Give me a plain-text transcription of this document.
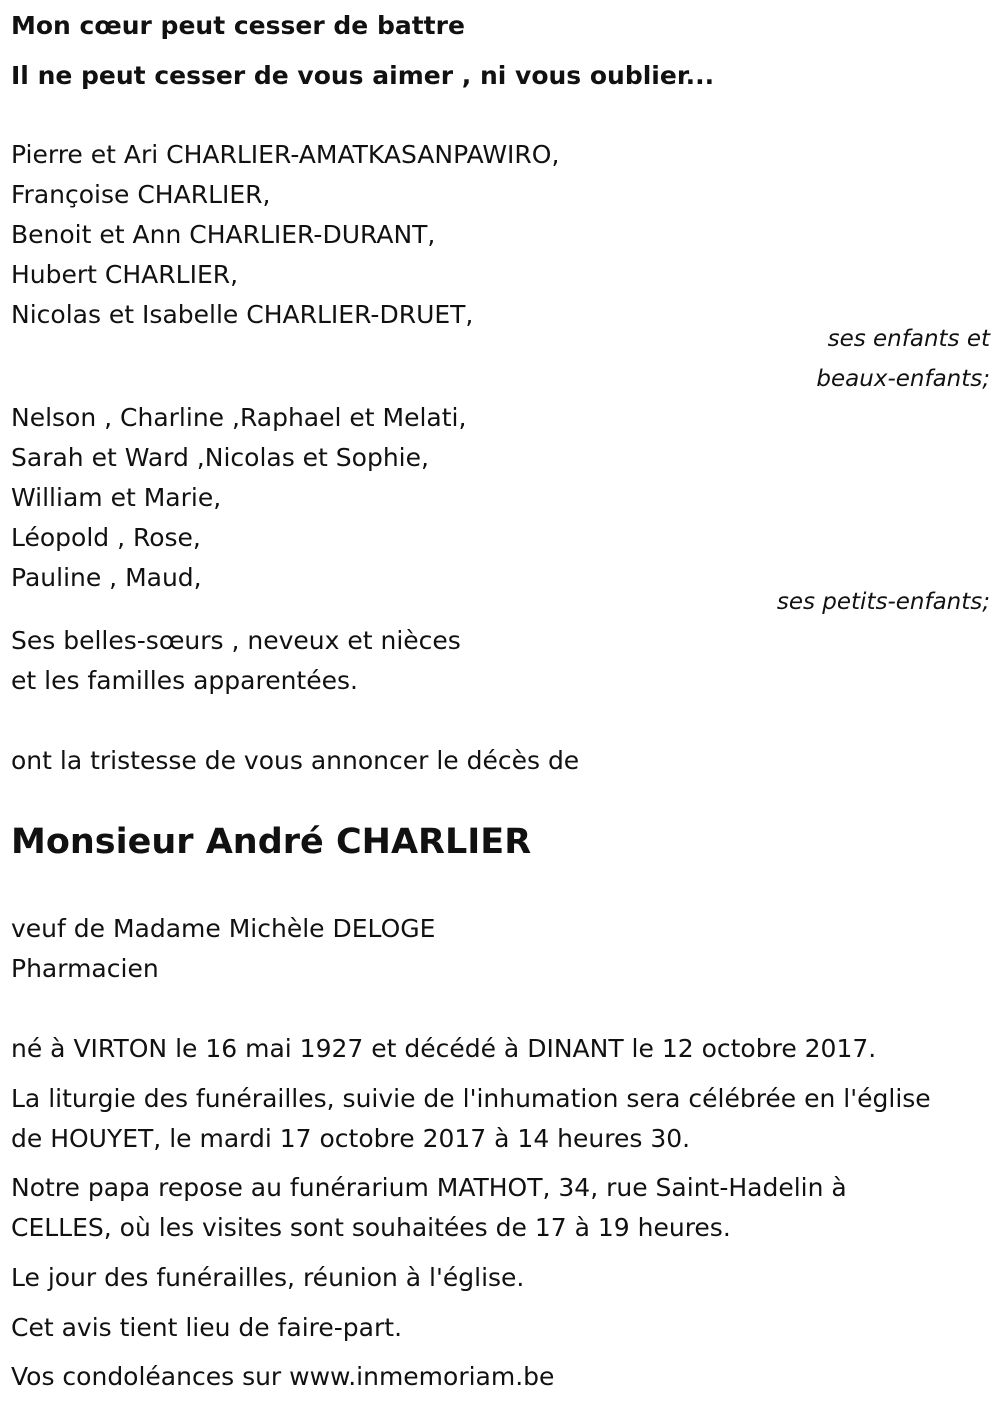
Mon cœur peut cesser de battre
Il ne peut cesser de vous aimer , ni vous oublier...
Pierre et Ari CHARLIER-AMATKASANPAWIRO,
Françoise CHARLIER,
Benoit et Ann CHARLIER-DURANT,
Hubert CHARLIER,
Nicolas et Isabelle CHARLIER-DRUET,
ses enfants et
beaux-enfants;
Nelson , Charline ,Raphael et Melati,
Sarah et Ward ,Nicolas et Sophie,
William et Marie,
Léopold , Rose,
Pauline , Maud,
ses petits-enfants;
Ses belles-sœurs , neveux et nièces
et les familles apparentées.
ont la tristesse de vous annoncer le décès de
Monsieur André CHARLIER
veuf de Madame Michèle DELOGE
Pharmacien
né à VIRTON le 16 mai 1927 et décédé à DINANT le 12 octobre 2017.
La liturgie des funérailles, suivie de l'inhumation sera célébrée en l'église
de HOUYET, le mardi 17 octobre 2017 à 14 heures 30.
Notre papa repose au funérarium MATHOT, 34, rue Saint-Hadelin à
CELLES, où les visites sont souhaitées de 17 à 19 heures.
Le jour des funérailles, réunion à l'église.
Cet avis tient lieu de faire-part.
Vos condoléances sur www.inmemoriam.be
